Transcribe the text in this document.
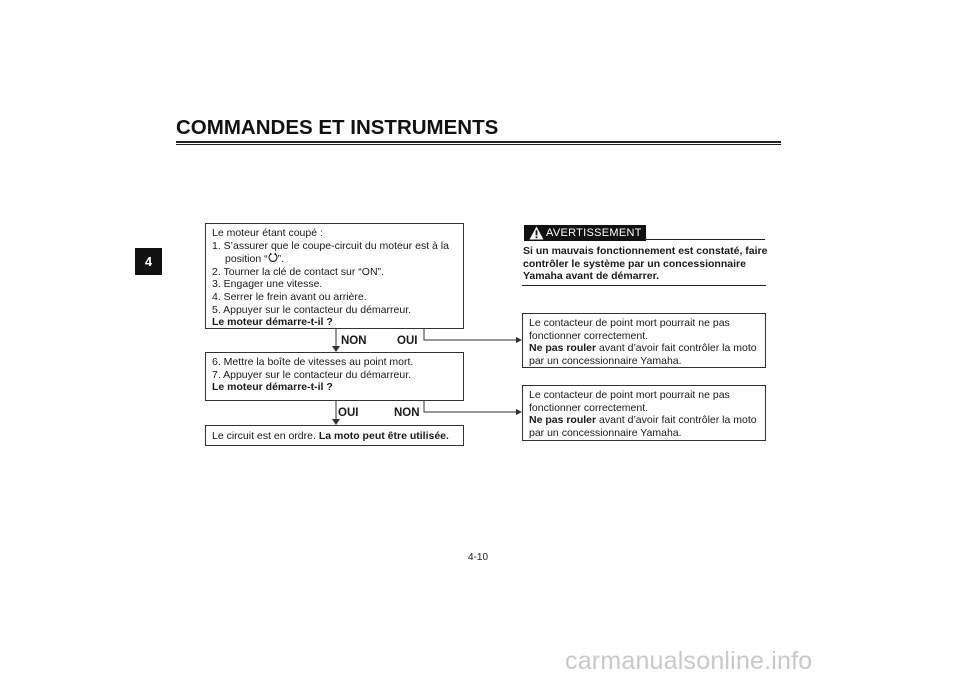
COMMANDES ET INSTRUMENTS
4
Le moteur étant coupé :
1. S’assurer que le coupe-circuit du moteur est à la
position “ ”.
2. Tourner la clé de contact sur “ON”.
3. Engager une vitesse.
4. Serrer le frein avant ou arrière.
5. Appuyer sur le contacteur du démarreur.
Le moteur démarre-t-il ?
NON	OUI
6. Mettre la boîte de vitesses au point mort.
7. Appuyer sur le contacteur du démarreur.
Le moteur démarre-t-il ?
OUI	NON
Le circuit est en ordre. La moto peut être utilisée.
Le contacteur de point mort pourrait ne pas
fonctionner correctement.
Ne pas rouler avant d’avoir fait contrôler la moto
par un concessionnaire Yamaha.
Le contacteur de point mort pourrait ne pas
fonctionner correctement.
Ne pas rouler avant d’avoir fait contrôler la moto
par un concessionnaire Yamaha.
AVERTISSEMENT
Si un mauvais fonctionnement est constaté, faire
contrôler le système par un concessionnaire
Yamaha avant de démarrer.
4-10
carmanualsonline.info
